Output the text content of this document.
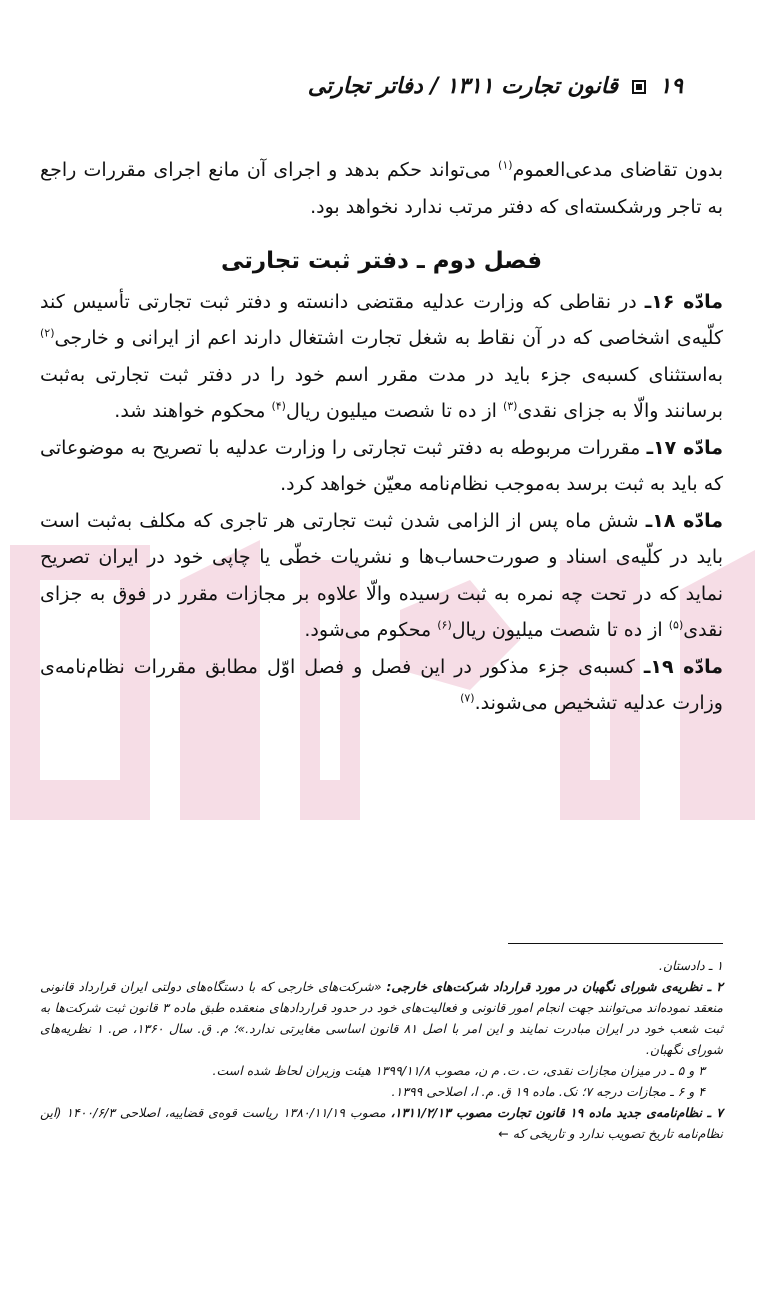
۱۹  قانون تجارت ۱۳۱۱ / دفاتر تجارتی

بدون تقاضای مدعی‌العموم$^{(۱)}$ می‌تواند حکم بدهد و اجرای آن مانع اجرای مقررات راجع به تاجر ورشکسته‌ای که دفتر مرتب ندارد نخواهد بود.

فصل دوم ـ دفتر ثبت تجارتی

مادّه ۱۶ـ در نقاطی که وزارت عدلیه مقتضی دانسته و دفتر ثبت تجارتی تأسیس کند کلّیه‌ی اشخاصی که در آن نقاط به شغل تجارت اشتغال دارند اعم از ایرانی و خارجی$^{(۲)}$ به‌استثنای کسبه‌ی جزء باید در مدت مقرر اسم خود را در دفتر ثبت تجارتی به‌ثبت برسانند والّا به جزای نقدی$^{(۳)}$ از ده تا شصت میلیون ریال$^{(۴)}$ محکوم خواهند شد.

مادّه ۱۷ـ مقررات مربوطه به دفتر ثبت تجارتی را وزارت عدلیه با تصریح به موضوعاتی که باید به ثبت برسد به‌موجب نظام‌نامه معیّن خواهد کرد.

مادّه ۱۸ـ شش ماه پس از الزامی شدن ثبت تجارتی هر تاجری که مکلف به‌ثبت است باید در کلّیه‌ی اسناد و صورت‌حساب‌ها و نشریات خطّی یا چاپی خود در ایران تصریح نماید که در تحت چه نمره به ثبت رسیده والّا علاوه بر مجازات مقرر در فوق به جزای نقدی$^{(۵)}$ از ده تا شصت میلیون ریال$^{(۶)}$ محکوم می‌شود.

مادّه ۱۹ـ کسبه‌ی جزء مذکور در این فصل و فصل اوّل مطابق مقررات نظام‌نامه‌ی وزارت عدلیه تشخیص می‌شوند.$^{(۷)}$

۱ ـ دادستان.

۲ ـ نظریه‌ی شورای نگهبان در مورد قرارداد شرکت‌های خارجی: «شرکت‌های خارجی که با دستگاه‌های دولتی ایران قرارداد قانونی منعقد نموده‌اند می‌توانند جهت انجام امور قانونی و فعالیت‌های خود در حدود قراردادهای منعقده طبق ماده ۳ قانون ثبت شرکت‌ها به ثبت شعب خود در ایران مبادرت نمایند و این امر با اصل ۸۱ قانون اساسی مغایرتی ندارد.»؛ م. ق. سال ۱۳۶۰، ص. ۱ نظریه‌های شورای نگهبان.

۳ و ۵ ـ در میزان مجازات نقدی، ت. ت. م ن، مصوب ۱۳۹۹/۱۱/۸ هیئت وزیران لحاظ شده است.

۴ و ۶ ـ مجازات درجه ۷؛ نک. ماده ۱۹ ق. م. ا، اصلاحی ۱۳۹۹.

۷ ـ نظام‌نامه‌ی جدید ماده ۱۹ قانون تجارت مصوب ۱۳۱۱/۲/۱۳، مصوب ۱۳۸۰/۱۱/۱۹ ریاست قوه‌ی قضاییه، اصلاحی ۱۴۰۰/۶/۳ (این نظام‌نامه تاریخ تصویب ندارد و تاریخی که ←
